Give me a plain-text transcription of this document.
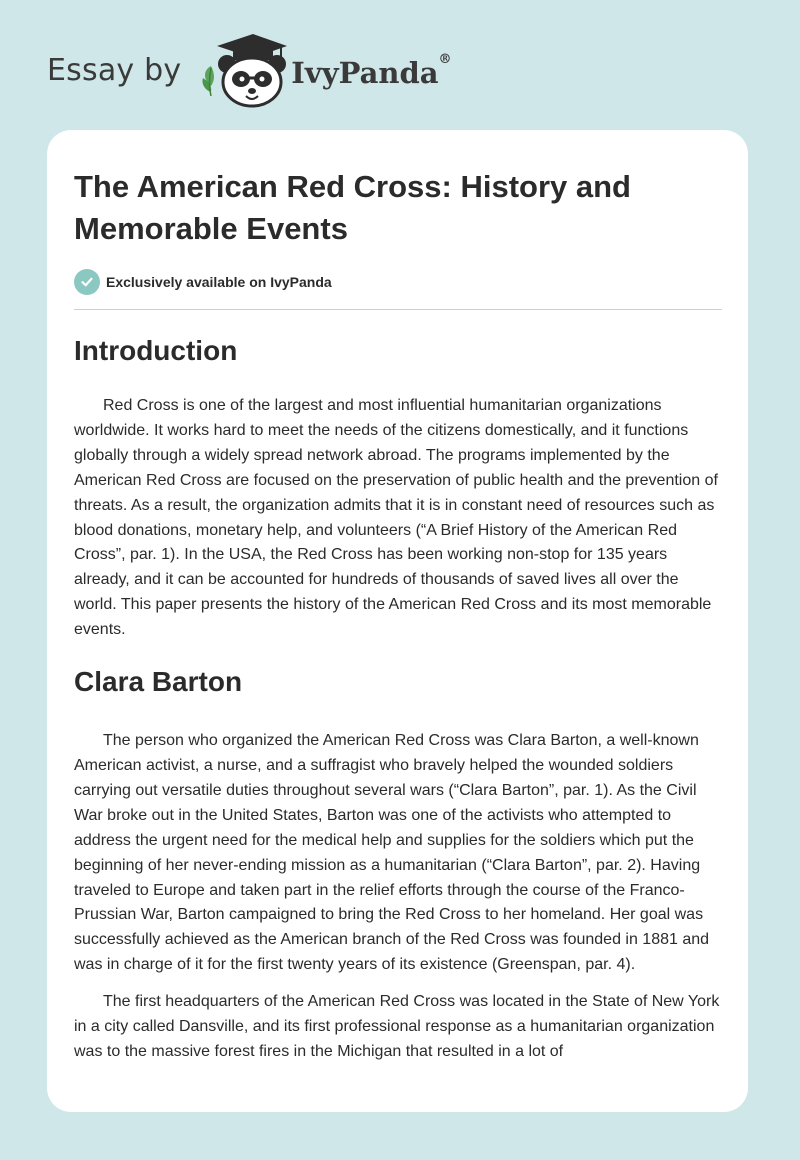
Essay by	IvyPanda®
The American Red Cross: History and Memorable Events
Exclusively available on IvyPanda
Introduction

Red Cross is one of the largest and most influential humanitarian organizations worldwide. It works hard to meet the needs of the citizens domestically, and it functions globally through a widely spread network abroad. The programs implemented by the American Red Cross are focused on the preservation of public health and the prevention of threats. As a result, the organization admits that it is in constant need of resources such as blood donations, monetary help, and volunteers (“A Brief History of the American Red Cross”, par. 1). In the USA, the Red Cross has been working non-stop for 135 years already, and it can be accounted for hundreds of thousands of saved lives all over the world. This paper presents the history of the American Red Cross and its most memorable events.

Clara Barton

The person who organized the American Red Cross was Clara Barton, a well-known American activist, a nurse, and a suffragist who bravely helped the wounded soldiers carrying out versatile duties throughout several wars (“Clara Barton”, par. 1). As the Civil War broke out in the United States, Barton was one of the activists who attempted to address the urgent need for the medical help and supplies for the soldiers which put the beginning of her never-ending mission as a humanitarian (“Clara Barton”, par. 2). Having traveled to Europe and taken part in the relief efforts through the course of the Franco-Prussian War, Barton campaigned to bring the Red Cross to her homeland. Her goal was successfully achieved as the American branch of the Red Cross was founded in 1881 and was in charge of it for the first twenty years of its existence (Greenspan, par. 4).

The first headquarters of the American Red Cross was located in the State of New York in a city called Dansville, and its first professional response as a humanitarian organization was to the massive forest fires in the Michigan that resulted in a lot of
